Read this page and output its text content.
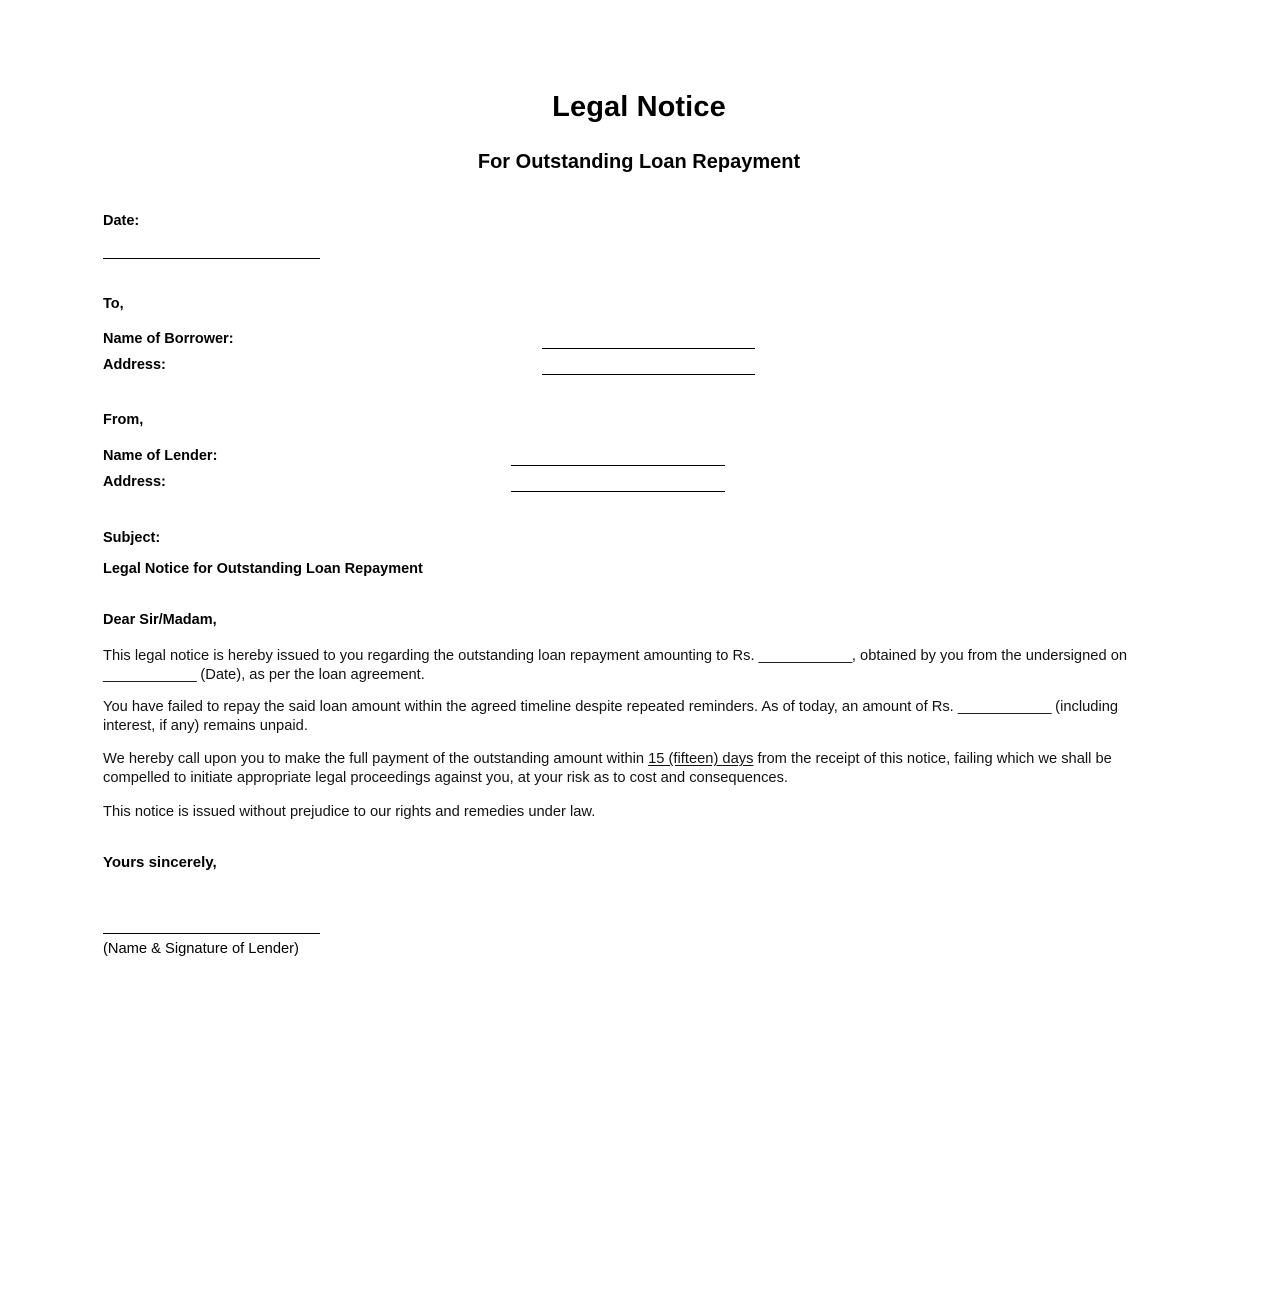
Legal Notice
For Outstanding Loan Repayment
Date:
To,
Name of Borrower:
Address:
From,
Name of Lender:
Address:
Subject:
Legal Notice for Outstanding Loan Repayment
Dear Sir/Madam,
This legal notice is hereby issued to you regarding the outstanding loan repayment amounting to Rs. ____________, obtained by you from the undersigned on ____________ (Date), as per the loan agreement.
You have failed to repay the said loan amount within the agreed timeline despite repeated reminders. As of today, an amount of Rs. ____________ (including interest, if any) remains unpaid.
We hereby call upon you to make the full payment of the outstanding amount within 15 (fifteen) days from the receipt of this notice, failing which we shall be compelled to initiate appropriate legal proceedings against you, at your risk as to cost and consequences.
This notice is issued without prejudice to our rights and remedies under law.
Yours sincerely,
(Name & Signature of Lender)
